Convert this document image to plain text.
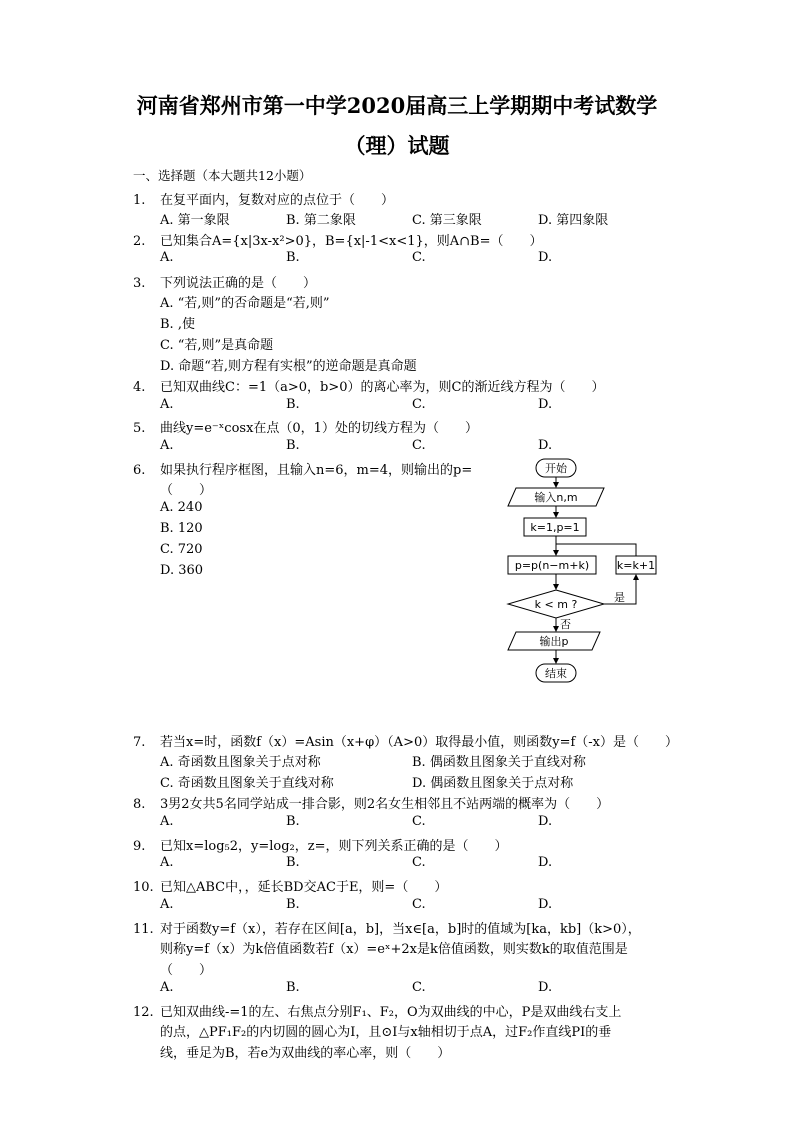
河南省郑州市第一中学2020届高三上学期期中考试数学
（理）试题
一、选择题（本大题共12小题）
1. 在复平面内，复数对应的点位于（　　）
A. 第一象限	B. 第二象限	C. 第三象限	D. 第四象限
2. 已知集合A={x|3x-x²>0}，B={x|-1<x<1}，则A∩B=（　　）
A.	B.	C.	D.
3. 下列说法正确的是（　　）
A. “若,则”的否命题是“若,则”
B. ,使
C. “若,则”是真命题
D. 命题“若,则方程有实根”的逆命题是真命题
4. 已知双曲线C：=1（a>0，b>0）的离心率为，则C的渐近线方程为（　　）
A.	B.	C.	D.
5. 曲线y=e⁻ˣcosx在点（0，1）处的切线方程为（　　）
A.	B.	C.	D.
6. 如果执行程序框图，且输入n=6，m=4，则输出的p=
（　　）
A. 240
B. 120
C. 720
D. 360
开始
输入n,m
k=1,p=1
p=p(n−m+k)	k=k+1
k < m ?
是
否
输出p
结束
7. 若当x=时，函数f（x）=Asin（x+φ）（A>0）取得最小值，则函数y=f（-x）是（　　）
A. 奇函数且图象关于点对称	B. 偶函数且图象关于直线对称
C. 奇函数且图象关于直线对称	D. 偶函数且图象关于点对称
8. 3男2女共5名同学站成一排合影，则2名女生相邻且不站两端的概率为（　　）
A.	B.	C.	D.
9. 已知x=log₅2，y=log₂，z=，则下列关系正确的是（　　）
A.	B.	C.	D.
10. 已知△ABC中，，延长BD交AC于E，则=（　　）
A.	B.	C.	D.
11. 对于函数y=f（x），若存在区间[a，b]，当x∈[a，b]时的值域为[ka，kb]（k>0），
则称y=f（x）为k倍值函数若f（x）=eˣ+2x是k倍值函数，则实数k的取值范围是
（　　）
A.	B.	C.	D.
12. 已知双曲线-=1的左、右焦点分别F₁、F₂，O为双曲线的中心，P是双曲线右支上
的点，△PF₁F₂的内切圆的圆心为I，且⊙I与x轴相切于点A，过F₂作直线PI的垂
线，垂足为B，若e为双曲线的率心率，则（　　）
